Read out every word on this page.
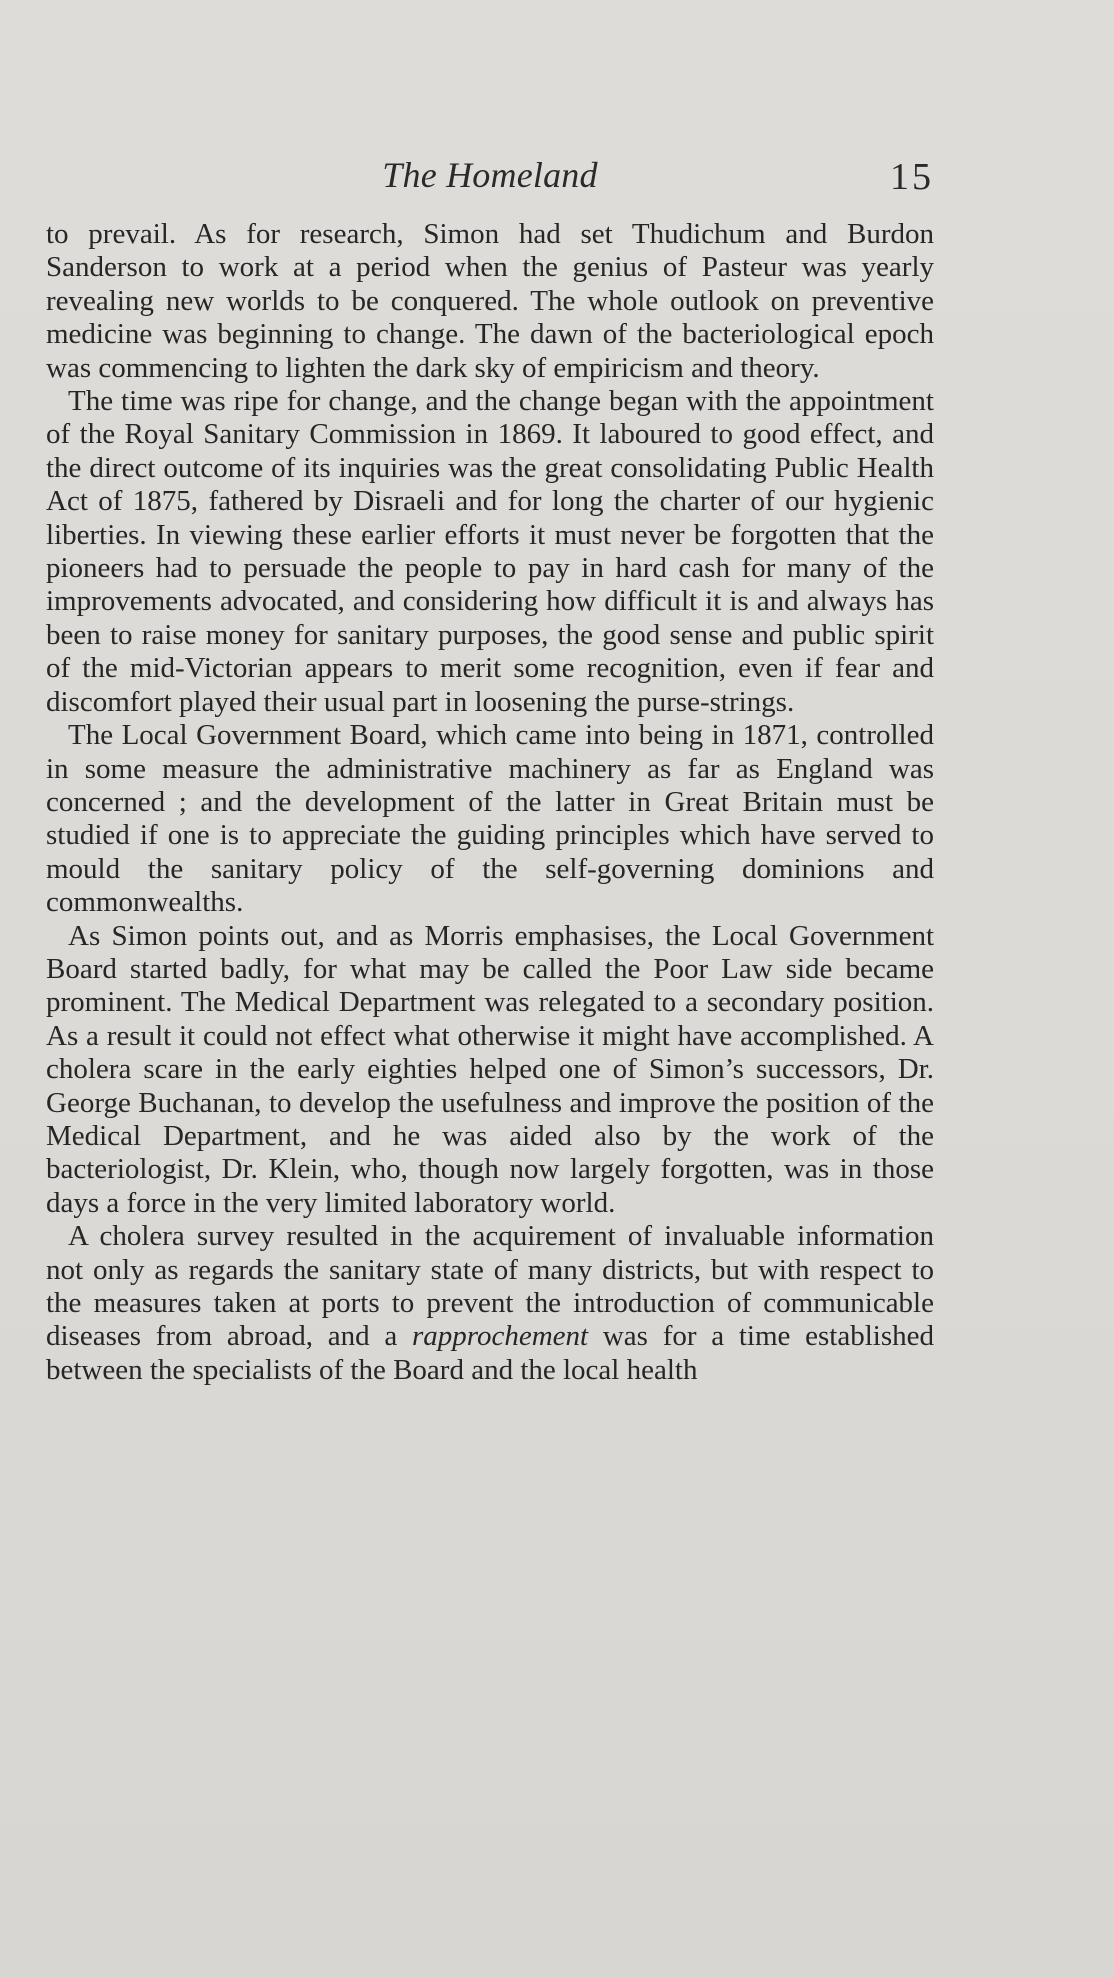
The Homeland	15

to prevail. As for research, Simon had set Thudichum and Burdon Sanderson to work at a period when the genius of Pasteur was yearly revealing new worlds to be conquered. The whole outlook on preventive medicine was beginning to change. The dawn of the bacteriological epoch was commencing to lighten the dark sky of empiricism and theory.

The time was ripe for change, and the change began with the appointment of the Royal Sanitary Commission in 1869. It laboured to good effect, and the direct outcome of its inquiries was the great consolidating Public Health Act of 1875, fathered by Disraeli and for long the charter of our hygienic liberties. In viewing these earlier efforts it must never be forgotten that the pioneers had to persuade the people to pay in hard cash for many of the improvements advocated, and considering how difficult it is and always has been to raise money for sanitary purposes, the good sense and public spirit of the mid-Victorian appears to merit some recognition, even if fear and discomfort played their usual part in loosening the purse-strings.

The Local Government Board, which came into being in 1871, controlled in some measure the administrative machinery as far as England was concerned ; and the development of the latter in Great Britain must be studied if one is to appreciate the guiding principles which have served to mould the sanitary policy of the self-governing dominions and commonwealths.

As Simon points out, and as Morris emphasises, the Local Government Board started badly, for what may be called the Poor Law side became prominent. The Medical Department was relegated to a secondary position. As a result it could not effect what otherwise it might have accomplished. A cholera scare in the early eighties helped one of Simon’s successors, Dr. George Buchanan, to develop the usefulness and improve the position of the Medical Department, and he was aided also by the work of the bacteriologist, Dr. Klein, who, though now largely forgotten, was in those days a force in the very limited laboratory world.

A cholera survey resulted in the acquirement of invaluable information not only as regards the sanitary state of many districts, but with respect to the measures taken at ports to prevent the introduction of communicable diseases from abroad, and a rapprochement was for a time established between the specialists of the Board and the local health
